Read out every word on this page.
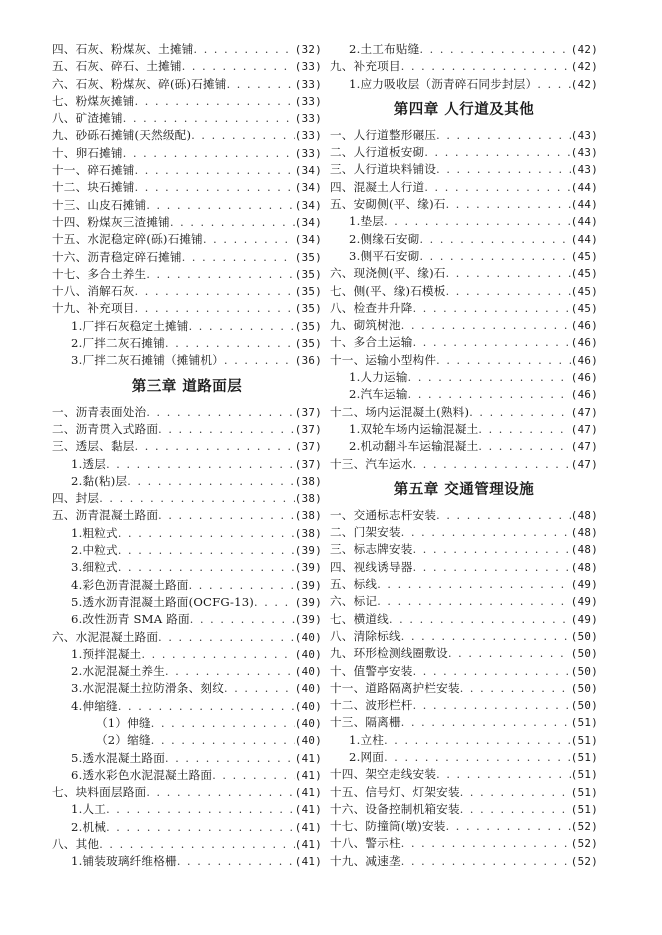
四、石灰、粉煤灰、土摊铺 . . .	(32)
五、石灰、碎石、土摊铺 . . .	(33)
六、石灰、粉煤灰、碎(砾)石摊铺 . . .	(33)
七、粉煤灰摊铺 . . .	(33)
八、矿渣摊铺 . . .	(33)
九、砂砾石摊铺(天然级配) . . .	(33)
十、卵石摊铺 . . .	(33)
十一、碎石摊铺 . . .	(34)
十二、块石摊铺 . . .	(34)
十三、山皮石摊铺 . . .	(34)
十四、粉煤灰三渣摊铺 . . .	(34)
十五、水泥稳定碎(砾)石摊铺 . . .	(34)
十六、沥青稳定碎石摊铺 . . .	(35)
十七、多合土养生 . . .	(35)
十八、消解石灰 . . .	(35)
十九、补充项目 . . .	(35)
1.厂拌石灰稳定土摊铺 . . .	(35)
2.厂拌二灰石摊铺 . . .	(35)
3.厂拌二灰石摊铺（摊铺机） . . .	(36)
第三章 道路面层
一、沥青表面处治 . . .	(37)
二、沥青贯入式路面 . . .	(37)
三、透层、黏层 . . .	(37)
1.透层 . . .	(37)
2.黏(粘)层 . . .	(38)
四、封层 . . .	(38)
五、沥青混凝土路面 . . .	(38)
1.粗粒式 . . .	(38)
2.中粒式 . . .	(39)
3.细粒式 . . .	(39)
4.彩色沥青混凝土路面 . . .	(39)
5.透水沥青混凝土路面(OCFG-13) . . .	(39)
6.改性沥青 SMA 路面 . . .	(39)
六、水泥混凝土路面 . . .	(40)
1.预拌混凝土 . . .	(40)
2.水泥混凝土养生 . . .	(40)
3.水泥混凝土拉防滑条、刻纹 . . .	(40)
4.伸缩缝 . . .	(40)
（1）伸缝 . . .	(40)
（2）缩缝 . . .	(40)
5.透水混凝土路面 . . .	(41)
6.透水彩色水泥混凝土路面 . . .	(41)
七、块料面层路面 . . .	(41)
1.人工 . . .	(41)
2.机械 . . .	(41)
八、其他 . . .	(41)
1.铺装玻璃纤维格栅 . . .	(41)
2.土工布贴缝 . . .	(42)
九、补充项目 . . .	(42)
1.应力吸收层（沥青碎石同步封层） . . .	(42)
第四章 人行道及其他
一、人行道整形碾压 . . .	(43)
二、人行道板安砌 . . .	(43)
三、人行道块料铺设 . . .	(43)
四、混凝土人行道 . . .	(44)
五、安砌侧(平、缘)石 . . .	(44)
1.垫层 . . .	(44)
2.侧缘石安砌 . . .	(44)
3.侧平石安砌 . . .	(45)
六、现浇侧(平、缘)石 . . .	(45)
七、侧(平、缘)石模板 . . .	(45)
八、检查井升降 . . .	(45)
九、砌筑树池 . . .	(46)
十、多合土运输 . . .	(46)
十一、运输小型构件 . . .	(46)
1.人力运输 . . .	(46)
2.汽车运输 . . .	(46)
十二、场内运混凝土(熟料) . . .	(47)
1.双轮车场内运输混凝土 . . .	(47)
2.机动翻斗车运输混凝土 . . .	(47)
十三、汽车运水 . . .	(47)
第五章 交通管理设施
一、交通标志杆安装 . . .	(48)
二、门架安装 . . .	(48)
三、标志牌安装 . . .	(48)
四、视线诱导器 . . .	(48)
五、标线 . . .	(49)
六、标记 . . .	(49)
七、横道线 . . .	(49)
八、清除标线 . . .	(50)
九、环形检测线圈敷设 . . .	(50)
十、值警亭安装 . . .	(50)
十一、道路隔离护栏安装 . . .	(50)
十二、波形栏杆 . . .	(50)
十三、隔离栅 . . .	(51)
1.立柱 . . .	(51)
2.网面 . . .	(51)
十四、架空走线安装 . . .	(51)
十五、信号灯、灯架安装 . . .	(51)
十六、设备控制机箱安装 . . .	(51)
十七、防撞筒(墩)安装 . . .	(52)
十八、警示柱 . . .	(52)
十九、减速垄 . . .	(52)
